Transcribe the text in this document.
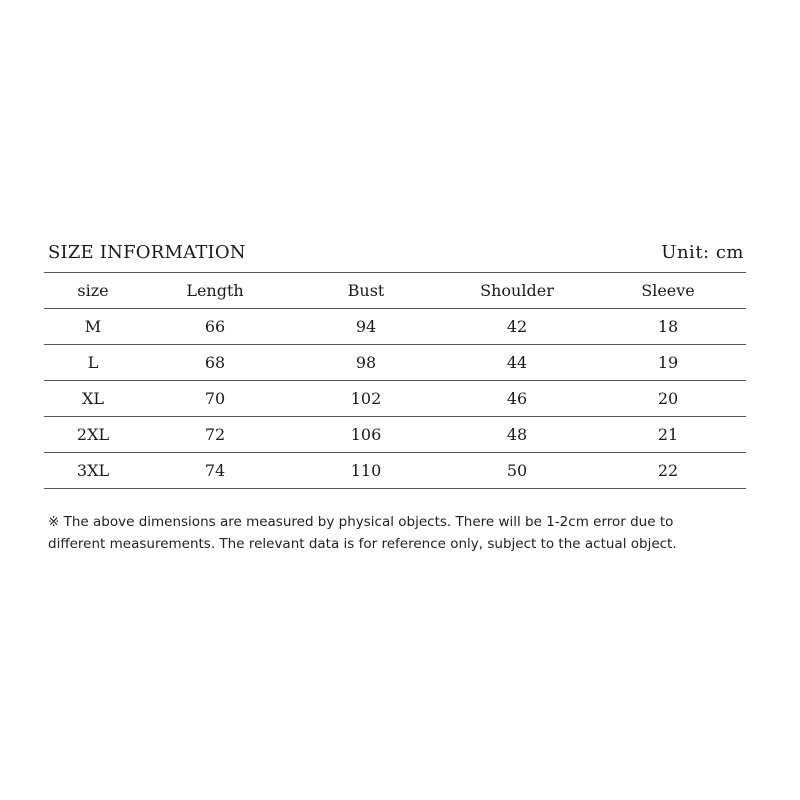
SIZE INFORMATION	Unit: cm
size	Length	Bust	Shoulder	Sleeve
M	66	94	42	18
L	68	98	44	19
XL	70	102	46	20
2XL	72	106	48	21
3XL	74	110	50	22

※ The above dimensions are measured by physical objects. There will be 1-2cm error due to

different measurements. The relevant data is for reference only, subject to the actual object.
